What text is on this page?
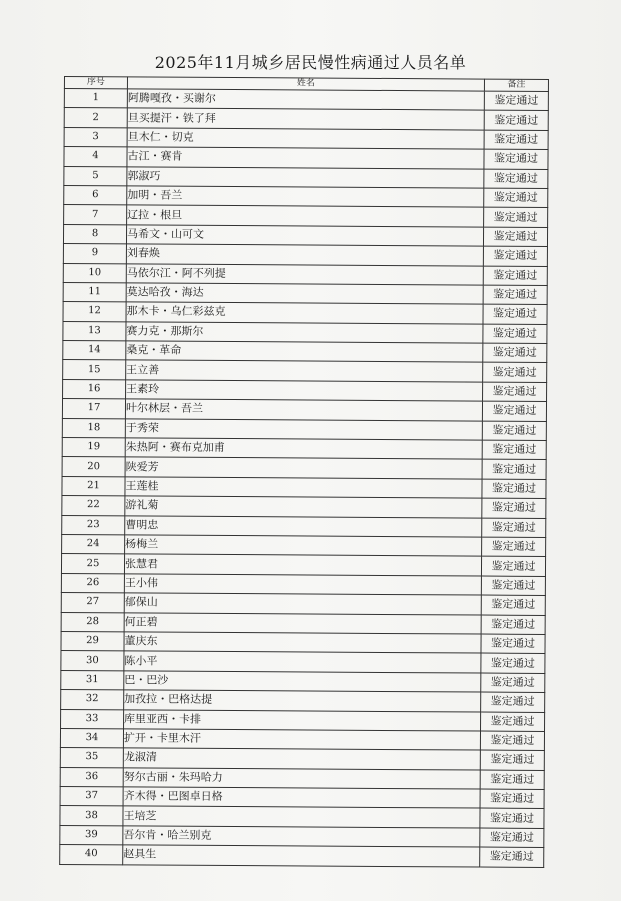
2025年11月城乡居民慢性病通过人员名单
序号	姓名	备注
1	阿腾嘎孜・买谢尔	鉴定通过
2	旦买提汗・铁了拜	鉴定通过
3	旦木仁・切克	鉴定通过
4	古江・赛肯	鉴定通过
5	郭淑巧	鉴定通过
6	加明・吾兰	鉴定通过
7	辽拉・根旦	鉴定通过
8	马希文・山可文	鉴定通过
9	刘春焕	鉴定通过
10	马依尔江・阿不列提	鉴定通过
11	莫达哈孜・海达	鉴定通过
12	那木卡・乌仁彩兹克	鉴定通过
13	赛力克・那斯尔	鉴定通过
14	桑克・革命	鉴定通过
15	王立善	鉴定通过
16	王素玲	鉴定通过
17	叶尔林层・吾兰	鉴定通过
18	于秀荣	鉴定通过
19	朱热阿・赛布克加甫	鉴定通过
20	陕爱芳	鉴定通过
21	王莲桂	鉴定通过
22	游礼菊	鉴定通过
23	曹明忠	鉴定通过
24	杨梅兰	鉴定通过
25	张慧君	鉴定通过
26	王小伟	鉴定通过
27	郁保山	鉴定通过
28	何正碧	鉴定通过
29	董庆东	鉴定通过
30	陈小平	鉴定通过
31	巴・巴沙	鉴定通过
32	加孜拉・巴格达提	鉴定通过
33	库里亚西・卡排	鉴定通过
34	扩开・卡里木汗	鉴定通过
35	龙淑清	鉴定通过
36	努尔古丽・朱玛哈力	鉴定通过
37	齐木得・巴图卓日格	鉴定通过
38	王培芝	鉴定通过
39	吾尔肯・哈兰别克	鉴定通过
40	赵具生	鉴定通过
